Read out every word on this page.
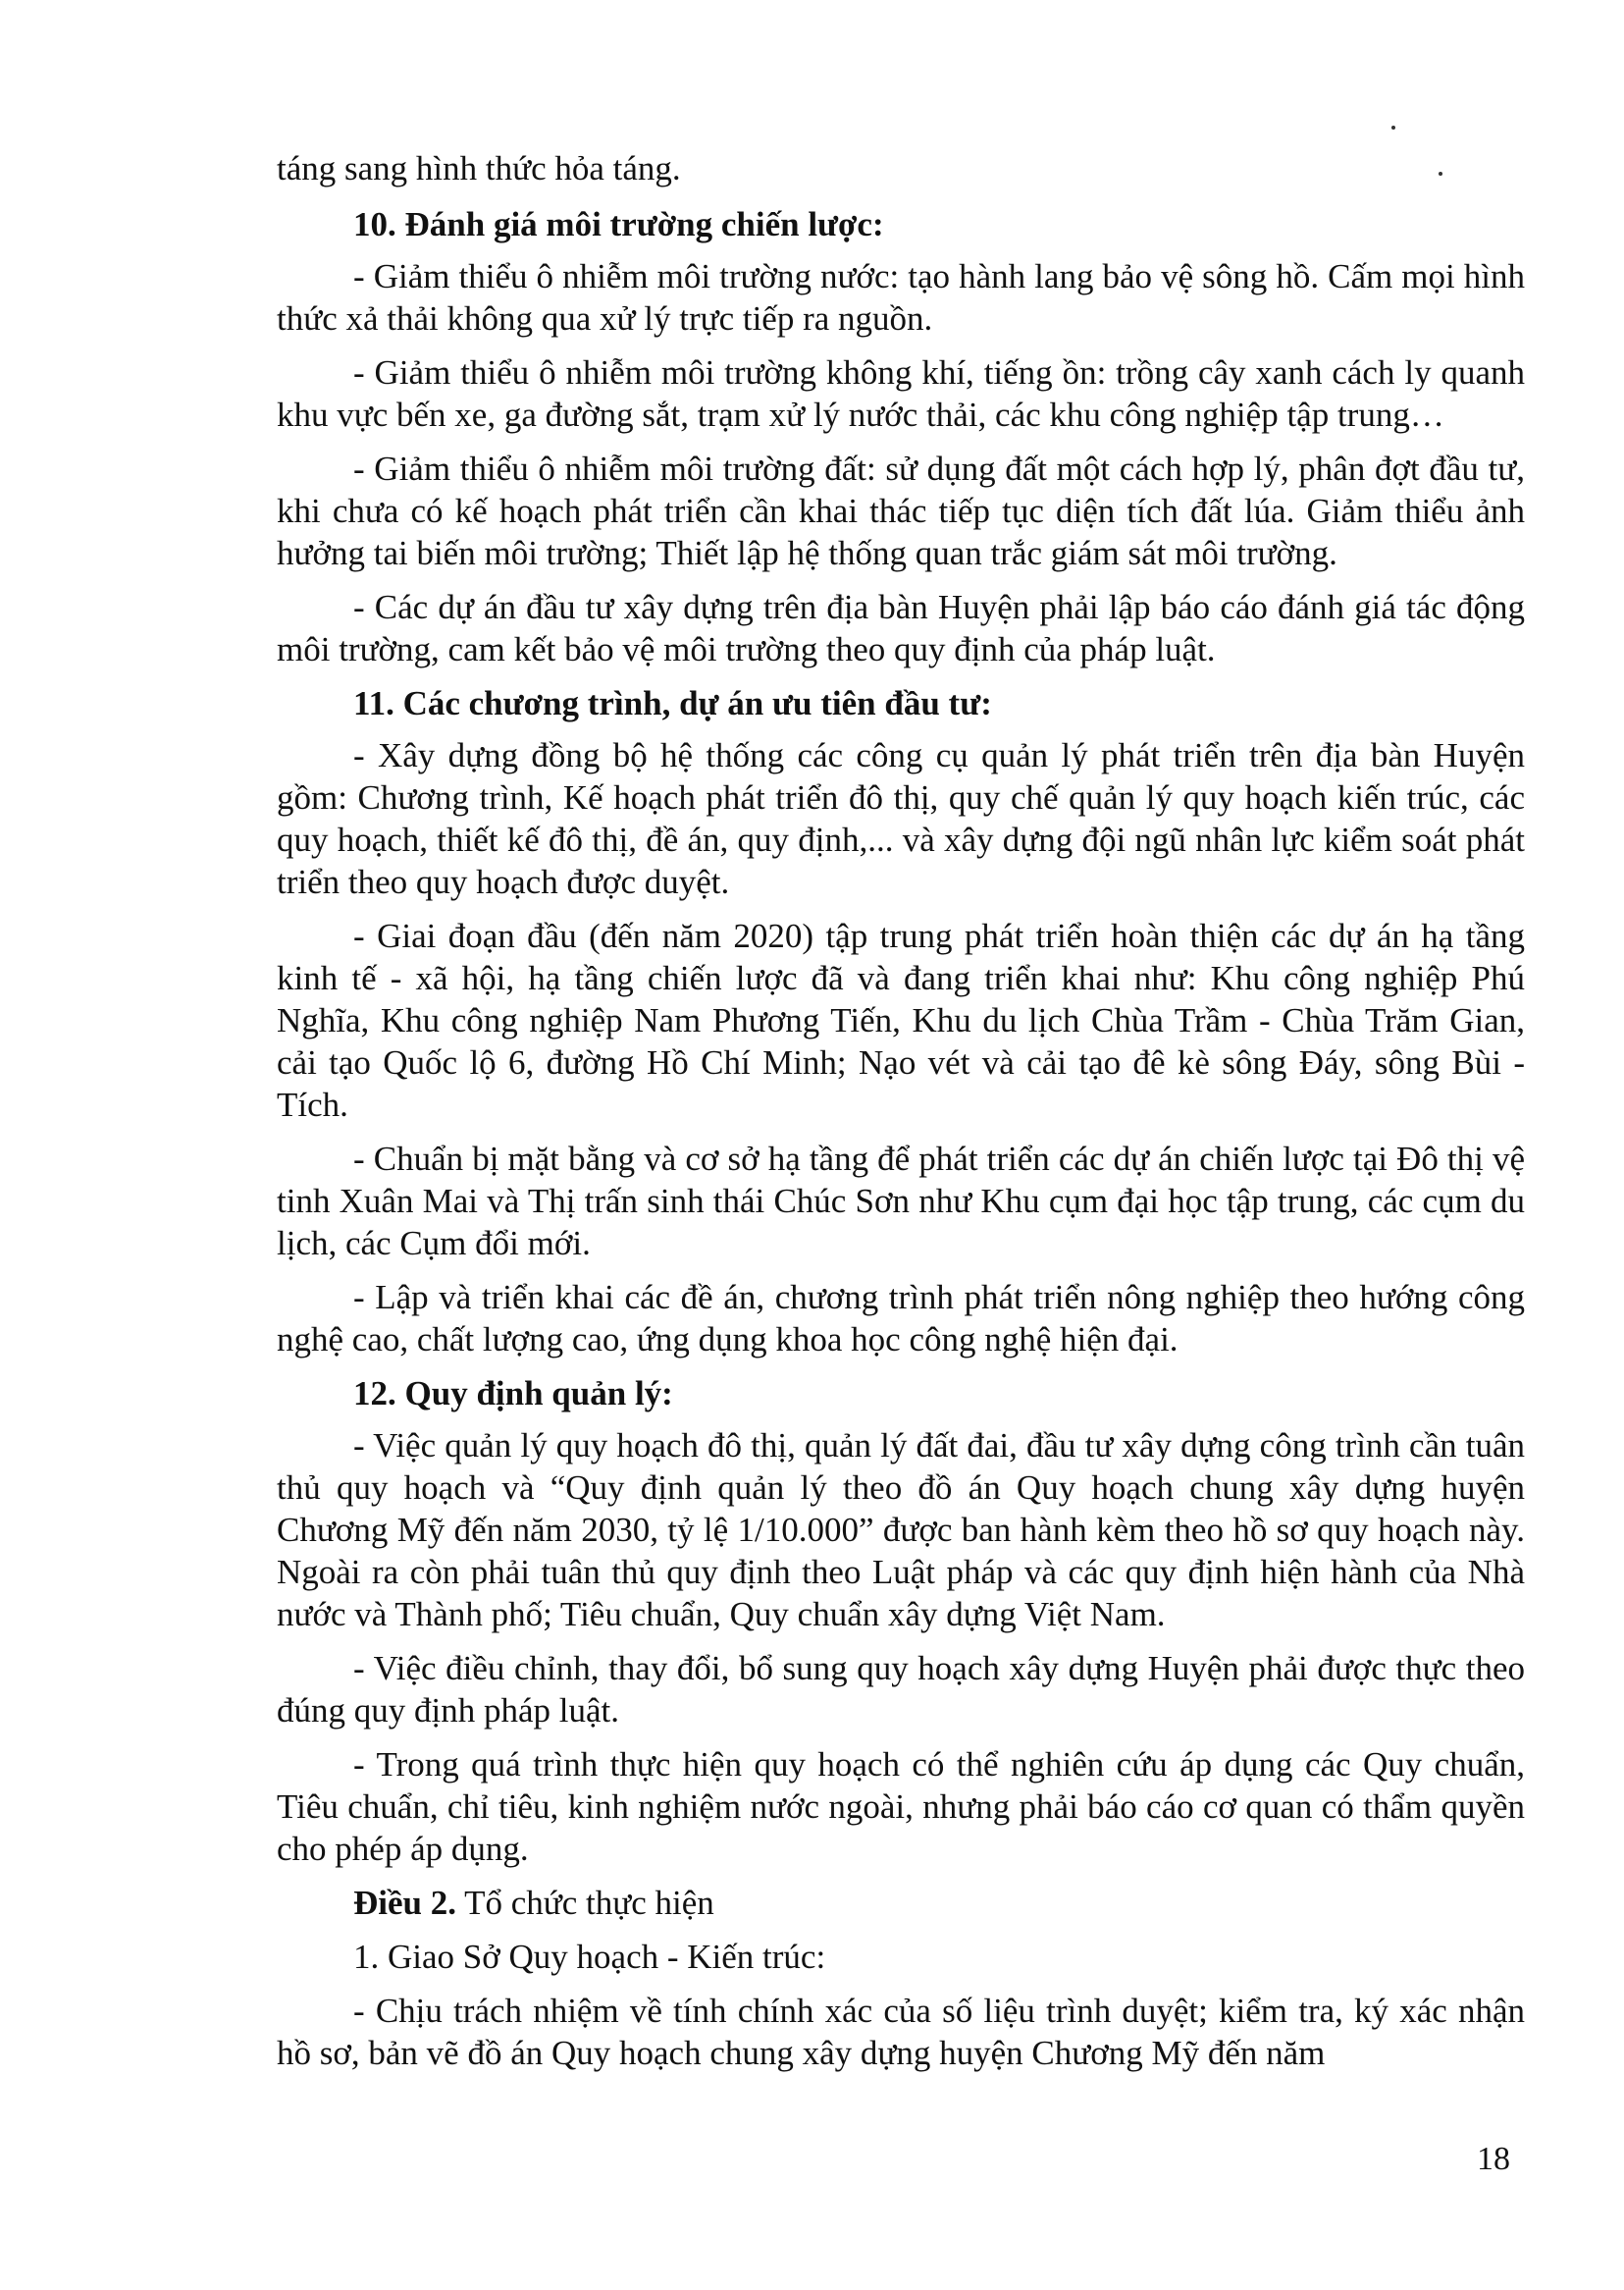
táng sang hình thức hỏa táng.

10. Đánh giá môi trường chiến lược:

- Giảm thiểu ô nhiễm môi trường nước: tạo hành lang bảo vệ sông hồ. Cấm mọi hình thức xả thải không qua xử lý trực tiếp ra nguồn.

- Giảm thiểu ô nhiễm môi trường không khí, tiếng ồn: trồng cây xanh cách ly quanh khu vực bến xe, ga đường sắt, trạm xử lý nước thải, các khu công nghiệp tập trung…

- Giảm thiểu ô nhiễm môi trường đất: sử dụng đất một cách hợp lý, phân đợt đầu tư, khi chưa có kế hoạch phát triển cần khai thác tiếp tục diện tích đất lúa. Giảm thiểu ảnh hưởng tai biến môi trường; Thiết lập hệ thống quan trắc giám sát môi trường.

- Các dự án đầu tư xây dựng trên địa bàn Huyện phải lập báo cáo đánh giá tác động môi trường, cam kết bảo vệ môi trường theo quy định của pháp luật.

11. Các chương trình, dự án ưu tiên đầu tư:

- Xây dựng đồng bộ hệ thống các công cụ quản lý phát triển trên địa bàn Huyện gồm: Chương trình, Kế hoạch phát triển đô thị, quy chế quản lý quy hoạch kiến trúc, các quy hoạch, thiết kế đô thị, đề án, quy định,... và xây dựng đội ngũ nhân lực kiểm soát phát triển theo quy hoạch được duyệt.

- Giai đoạn đầu (đến năm 2020) tập trung phát triển hoàn thiện các dự án hạ tầng kinh tế - xã hội, hạ tầng chiến lược đã và đang triển khai như: Khu công nghiệp Phú Nghĩa, Khu công nghiệp Nam Phương Tiến, Khu du lịch Chùa Trầm - Chùa Trăm Gian, cải tạo Quốc lộ 6, đường Hồ Chí Minh; Nạo vét và cải tạo đê kè sông Đáy, sông Bùi - Tích.

- Chuẩn bị mặt bằng và cơ sở hạ tầng để phát triển các dự án chiến lược tại Đô thị vệ tinh Xuân Mai và Thị trấn sinh thái Chúc Sơn như Khu cụm đại học tập trung, các cụm du lịch, các Cụm đổi mới.

- Lập và triển khai các đề án, chương trình phát triển nông nghiệp theo hướng công nghệ cao, chất lượng cao, ứng dụng khoa học công nghệ hiện đại.

12. Quy định quản lý:

- Việc quản lý quy hoạch đô thị, quản lý đất đai, đầu tư xây dựng công trình cần tuân thủ quy hoạch và “Quy định quản lý theo đồ án Quy hoạch chung xây dựng huyện Chương Mỹ đến năm 2030, tỷ lệ 1/10.000” được ban hành kèm theo hồ sơ quy hoạch này. Ngoài ra còn phải tuân thủ quy định theo Luật pháp và các quy định hiện hành của Nhà nước và Thành phố; Tiêu chuẩn, Quy chuẩn xây dựng Việt Nam.

- Việc điều chỉnh, thay đổi, bổ sung quy hoạch xây dựng Huyện phải được thực theo đúng quy định pháp luật.

- Trong quá trình thực hiện quy hoạch có thể nghiên cứu áp dụng các Quy chuẩn, Tiêu chuẩn, chỉ tiêu, kinh nghiệm nước ngoài, nhưng phải báo cáo cơ quan có thẩm quyền cho phép áp dụng.

Điều 2. Tổ chức thực hiện

1. Giao Sở Quy hoạch - Kiến trúc:

- Chịu trách nhiệm về tính chính xác của số liệu trình duyệt; kiểm tra, ký xác nhận hồ sơ, bản vẽ đồ án Quy hoạch chung xây dựng huyện Chương Mỹ đến năm

18
